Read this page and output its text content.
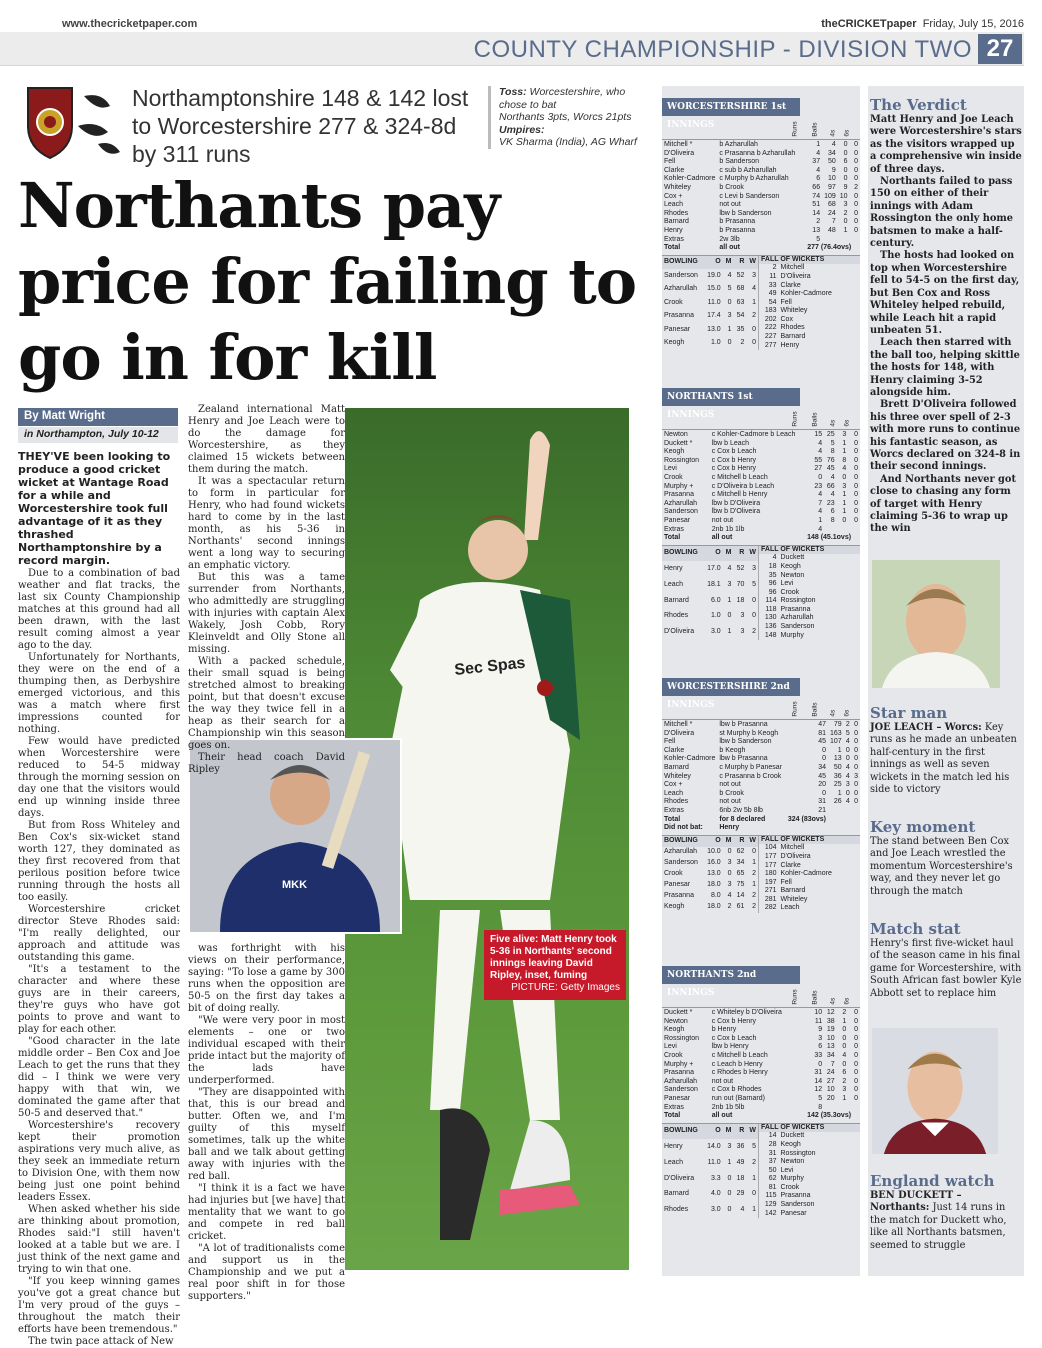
www.thecricketpaper.com	theCRICKETpaper Friday, July 15, 2016
COUNTY CHAMPIONSHIP - DIVISION TWO 27
Northamptonshire 148 & 142 lost to Worcestershire 277 & 324-8d by 311 runs
Toss: Worcestershire, who chose to bat
Northants 3pts, Worcs 21pts
Umpires:
VK Sharma (India), AG Wharf
Northants pay price for failing to go in for kill
Sec Spas
MKK
Five alive: Matt Henry took 5-36 in Northants' second innings leaving David Ripley, inset, fuming
PICTURE: Getty Images
By Matt Wright
in Northampton, July 10-12

THEY'VE been looking to produce a good cricket wicket at Wantage Road for a while and Worcestershire took full advantage of it as they thrashed Northamptonshire by a record margin.

Due to a combination of bad weather and flat tracks, the last six County Championship matches at this ground had all been drawn, with the last result coming almost a year ago to the day.

Unfortunately for Northants, they were on the end of a thumping then, as Derbyshire emerged victorious, and this was a match where first impressions counted for nothing.

Few would have predicted when Worcestershire were reduced to 54-5 midway through the morning session on day one that the visitors would end up winning inside three days.

But from Ross Whiteley and Ben Cox's six-wicket stand worth 127, they dominated as they first recovered from that perilous position before twice running through the hosts all too easily.

Worcestershire cricket director Steve Rhodes said: "I'm really delighted, our approach and attitude was outstanding this game.

"It's a testament to the character and where these guys are in their careers, they're guys who have got points to prove and want to play for each other.

"Good character in the late middle order – Ben Cox and Joe Leach to get the runs that they did – I think we were very happy with that win, we dominated the game after that 50-5 and deserved that."

Worcestershire's recovery kept their promotion aspirations very much alive, as they seek an immediate return to Division One, with them now being just one point behind leaders Essex.

When asked whether his side are thinking about promotion, Rhodes said:"I still haven't looked at a table but we are. I just think of the next game and trying to win that one.

"If you keep winning games you've got a great chance but I'm very proud of the guys – throughout the match their efforts have been tremendous."

The twin pace attack of New

Zealand international Matt Henry and Joe Leach were to do the damage for Worcestershire, as they claimed 15 wickets between them during the match.

It was a spectacular return to form in particular for Henry, who had found wickets hard to come by in the last month, as his 5-36 in Northants' second innings went a long way to securing an emphatic victory.

But this was a tame surrender from Northants, who admittedly are struggling with injuries with captain Alex Wakely, Josh Cobb, Rory Kleinveldt and Olly Stone all missing.

With a packed schedule, their small squad is being stretched almost to breaking point, but that doesn't excuse the way they twice fell in a heap as their search for a Championship win this season goes on.

Their head coach David Ripley

was forthright with his views on their performance, saying: "To lose a game by 300 runs when the opposition are 50-5 on the first day takes a bit of doing really.

"We were very poor in most elements – one or two individual escaped with their pride intact but the majority of the lads have underperformed.

"They are disappointed with that, this is our bread and butter. Often we, and I'm guilty of this myself sometimes, talk up the white ball and we talk about getting away with injuries with the red ball.

"I think it is a fact we have had injuries but [we have] that mentality that we want to go and compete in red ball cricket.

"A lot of traditionalists come and support us in the Championship and we put a real poor shift in for those supporters."

WORCESTERSHIRE 1st INNINGS	Runs Balls 4s 6s
Mitchell *	b Azharullah	1	4	0	0
D'Oliveira	c Prasanna b Azharullah	4	34	0	0
Fell	b Sanderson	37	50	6	0
Clarke	c sub b Azharullah	4	9	0	0
Kohler-Cadmore	c Murphy b Azharullah	6	10	0	0
Whiteley	b Crook	66	97	9	2
Cox +	c Levi b Sanderson	74	109	10	0
Leach	not out	51	68	3	0
Rhodes	lbw b Sanderson	14	24	2	0
Barnard	b Prasanna	2	7	0	0
Henry	b Prasanna	13	48	1	0
Extras	2w 3lb	5			
Total	all out	277 (76.4ovs)			
BOWLING	O	M	R	W
Sanderson	19.0	4	52	3
Azharullah	15.0	5	68	4
Crook	11.0	0	63	1
Prasanna	17.4	3	54	2
Panesar	13.0	1	35	0
Keogh	1.0	0	2	0
FALL OF WICKETS	
2	Mitchell
11	D'Oliveira
33	Clarke
49	Kohler-Cadmore
54	Fell
183	Whiteley
202	Cox
222	Rhodes
227	Barnard
277	Henry
NORTHANTS 1st INNINGS	Runs Balls 4s 6s
Newton	c Kohler-Cadmore b Leach	15	25	3	0
Duckett *	lbw b Leach	4	5	1	0
Keogh	c Cox b Leach	4	8	1	0
Rossington	c Cox b Henry	55	76	8	0
Levi	c Cox b Henry	27	45	4	0
Crook	c Mitchell b Leach	0	4	0	0
Murphy +	c D'Oliveira b Leach	23	66	3	0
Prasanna	c Mitchell b Henry	4	4	1	0
Azharullah	lbw b D'Oliveira	7	23	1	0
Sanderson	lbw b D'Oliveira	4	6	1	0
Panesar	not out	1	8	0	0
Extras	2nb 1b 1lb	4			
Total	all out	148 (45.1ovs)			
BOWLING	O	M	R	W
Henry	17.0	4	52	3
Leach	18.1	3	70	5
Barnard	6.0	1	18	0
Rhodes	1.0	0	3	0
D'Oliveira	3.0	1	3	2
FALL OF WICKETS	
4	Duckett
18	Keogh
35	Newton
96	Levi
96	Crook
114	Rossington
118	Prasanna
130	Azharullah
136	Sanderson
148	Murphy
WORCESTERSHIRE 2nd INNINGS	Runs Balls 4s 6s
Mitchell *	lbw b Prasanna	47	79	2	0
D'Oliveira	st Murphy b Keogh	81	163	5	0
Fell	lbw b Sanderson	45	107	4	0
Clarke	b Keogh	0	1	0	0
Kohler-Cadmore	lbw b Prasanna	0	13	0	0
Barnard	c Murphy b Panesar	34	50	4	0
Whiteley	c Prasanna b Crook	45	36	4	3
Cox +	not out	20	25	3	0
Leach	b Crook	0	1	0	0
Rhodes	not out	31	26	4	0
Extras	6nb 2w 5b 8lb	21			
Total	for 8 declared	324 (83ovs)			
Did not bat:	Henry				
BOWLING	O	M	R	W
Azharullah	10.0	0	62	0
Sanderson	16.0	3	34	1
Crook	13.0	0	65	2
Panesar	18.0	3	75	1
Prasanna	8.0	4	14	2
Keogh	18.0	2	61	2
FALL OF WICKETS	
104	Mitchell
177	D'Oliveira
177	Clarke
180	Kohler-Cadmore
197	Fell
271	Barnard
281	Whiteley
282	Leach
NORTHANTS 2nd INNINGS	Runs Balls 4s 6s
Duckett *	c Whiteley b D'Oliveira	10	12	2	0
Newton	c Cox b Henry	11	38	1	0
Keogh	b Henry	9	19	0	0
Rossington	c Cox b Leach	3	10	0	0
Levi	lbw b Henry	6	13	0	0
Crook	c Mitchell b Leach	33	34	4	0
Murphy +	c Leach b Henry	0	7	0	0
Prasanna	c Rhodes b Henry	31	24	6	0
Azharullah	not out	14	27	2	0
Sanderson	c Cox b Rhodes	12	10	3	0
Panesar	run out (Barnard)	5	20	1	0
Extras	2nb 1b 5lb	8			
Total	all out	142 (35.3ovs)			
BOWLING	O	M	R	W
Henry	14.0	3	36	5
Leach	11.0	1	49	2
D'Oliveira	3.3	0	18	1
Barnard	4.0	0	29	0
Rhodes	3.0	0	4	1
FALL OF WICKETS	
14	Duckett
28	Keogh
31	Rossington
37	Newton
50	Levi
62	Murphy
81	Crook
115	Prasanna
129	Sanderson
142	Panesar
The Verdict

Matt Henry and Joe Leach were Worcestershire's stars as the visitors wrapped up a comprehensive win inside of three days.

Northants failed to pass 150 on either of their innings with Adam Rossington the only home batsmen to make a half-century.

The hosts had looked on top when Worcestershire fell to 54-5 on the first day, but Ben Cox and Ross Whiteley helped rebuild, while Leach hit a rapid unbeaten 51.

Leach then starred with the ball too, helping skittle the hosts for 148, with Henry claiming 3-52 alongside him.

Brett D'Oliveira followed his three over spell of 2-3 with more runs to continue his fantastic season, as Worcs declared on 324-8 in their second innings.

And Northants never got close to chasing any form of target with Henry claiming 5-36 to wrap up the win

Star man
JOE LEACH – Worcs: Key runs as he made an unbeaten half-century in the first innings as well as seven wickets in the match led his side to victory
Key moment
The stand between Ben Cox and Joe Leach wrestled the momentum Worcestershire's way, and they never let go through the match
Match stat
Henry's first five-wicket haul of the season came in his final game for Worcestershire, with South African fast bowler Kyle Abbott set to replace him
England watch
BEN DUCKETT – Northants: Just 14 runs in the match for Duckett who, like all Northants batsmen, seemed to struggle
